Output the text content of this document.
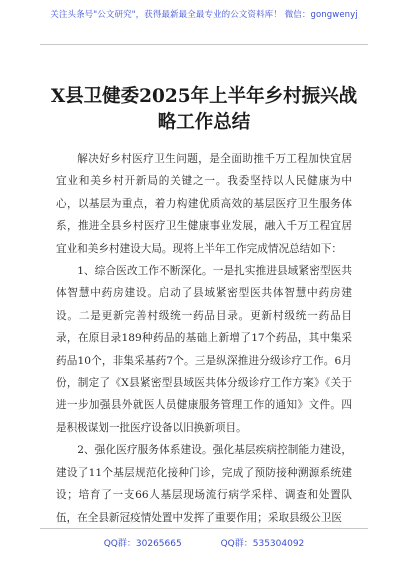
关注头条号"公文研究"，获得最新最全最专业的公文资料库！ 微信：gongwenyj
X县卫健委2025年上半年乡村振兴战略工作总结

解决好乡村医疗卫生问题，是全面助推千万工程加快宜居宜业和美乡村开新局的关键之一。我委坚持以人民健康为中心，以基层为重点，着力构建优质高效的基层医疗卫生服务体系，推进全县乡村医疗卫生健康事业发展，融入千万工程宜居宜业和美乡村建设大局。现将上半年工作完成情况总结如下：

1、综合医改工作不断深化。一是扎实推进县域紧密型医共体智慧中药房建设。启动了县域紧密型医共体智慧中药房建设。二是更新完善村级统一药品目录。更新村级统一药品目录，在原目录189种药品的基础上新增了17个药品，其中集采药品10个，非集采基药7个。三是纵深推进分级诊疗工作。6月份，制定了《X县紧密型县域医共体分级诊疗工作方案》《关于进一步加强县外就医人员健康服务管理工作的通知》文件。四是积极谋划一批医疗设备以旧换新项目。

2、强化医疗服务体系建设。强化基层疾病控制能力建设，建设了11个基层规范化接种门诊，完成了预防接种溯源系统建设；培育了一支66人基层现场流行病学采样、调查和处置队伍，在全县新冠疫情处置中发挥了重要作用；采取县级公卫医

QQ群：30265665	QQ群：535304092
